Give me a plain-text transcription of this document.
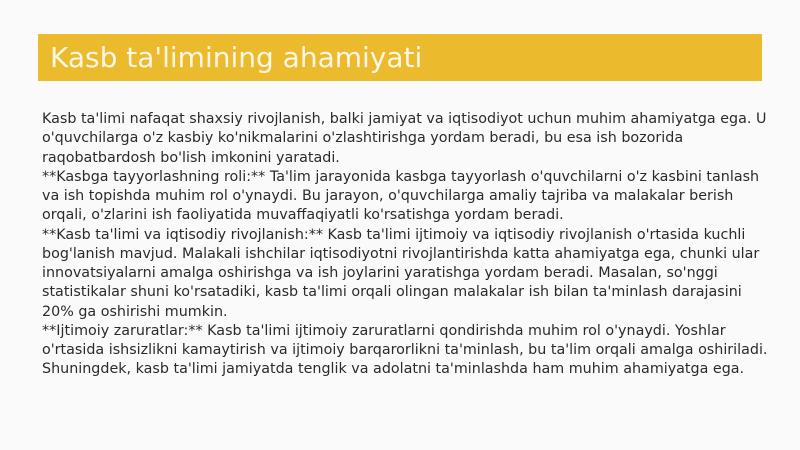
Kasb ta'limining ahamiyati

Kasb ta'limi nafaqat shaxsiy rivojlanish, balki jamiyat va iqtisodiyot uchun muhim ahamiyatga ega. U o'quvchilarga o'z kasbiy ko'nikmalarini o'zlashtirishga yordam beradi, bu esa ish bozorida raqobatbardosh bo'lish imkonini yaratadi.

**Kasbga tayyorlashning roli:** Ta'lim jarayonida kasbga tayyorlash o'quvchilarni o'z kasbini tanlash va ish topishda muhim rol o'ynaydi. Bu jarayon, o'quvchilarga amaliy tajriba va malakalar berish orqali, o'zlarini ish faoliyatida muvaffaqiyatli ko'rsatishga yordam beradi.

**Kasb ta'limi va iqtisodiy rivojlanish:** Kasb ta'limi ijtimoiy va iqtisodiy rivojlanish o'rtasida kuchli bog'lanish mavjud. Malakali ishchilar iqtisodiyotni rivojlantirishda katta ahamiyatga ega, chunki ular innovatsiyalarni amalga oshirishga va ish joylarini yaratishga yordam beradi. Masalan, so'nggi statistikalar shuni ko'rsatadiki, kasb ta'limi orqali olingan malakalar ish bilan ta'minlash darajasini 20% ga oshirishi mumkin.

**Ijtimoiy zaruratlar:** Kasb ta'limi ijtimoiy zaruratlarni qondirishda muhim rol o'ynaydi. Yoshlar o'rtasida ishsizlikni kamaytirish va ijtimoiy barqarorlikni ta'minlash, bu ta'lim orqali amalga oshiriladi. Shuningdek, kasb ta'limi jamiyatda tenglik va adolatni ta'minlashda ham muhim ahamiyatga ega.
